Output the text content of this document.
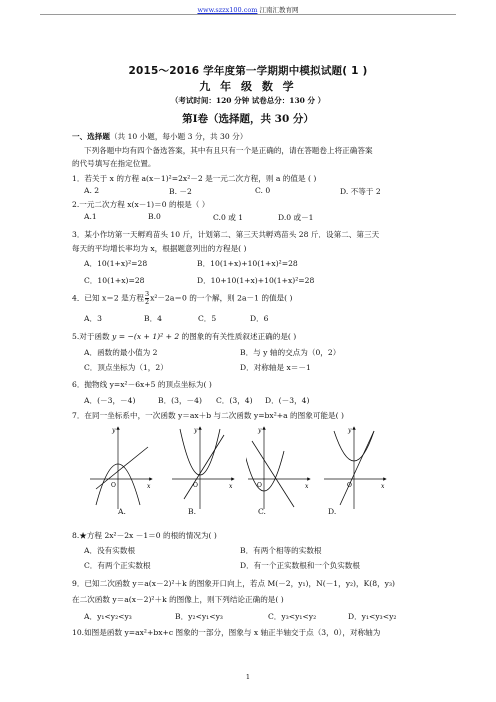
www.szzx100.com 江南汇教育网
2015～2016 学年度第一学期期中模拟试题( 1 )
九 年 级 数 学
（考试时间：120 分钟 试卷总分：130 分 ）
第Ⅰ卷（选择题，共 30 分）
一、选择题（共 10 小题，每小题 3 分，共 30 分）
下列各题中均有四个备选答案，其中有且只有一个是正确的，请在答题卷上将正确答案
的代号填写在指定位置。
1．若关于 x 的方程 a(x－1)²=2x²－2 是一元二次方程，则 a 的值是 ( )
A. 2	B. －2	C. 0	D. 不等于 2
2.一元二次方程 x(x－1)＝0 的根是（ ）
A.1	B.0	C.0 或 1	D.0 或－1
3．某小作坊第一天孵鸡苗头 10 斤，计划第二、第三天共孵鸡苗头 28 斤．设第二、第三天
每天的平均增长率均为 x，根据题意列出的方程是( )
A．10(1+x)²=28	B．10(1+x)+10(1+x)²=28
C．10(1+x)=28	D．10+10(1+x)+10(1+x)²=28
4．已知 x＝2 是方程 $\frac{3}{2} x^2-2a=0$ 的一个解，则 2a－1 的值是( )
A．3	B．4	C．5	D．6
5.对于函数 y = −(x + 1)² + 2 的图象的有关性质叙述正确的是( )
A．函数的最小值为 2	B．与 y 轴的交点为（0，2）
C．顶点坐标为（1，2）	D．对称轴是 x＝－1
6．抛物线 y=x²－6x+5 的顶点坐标为( )
A．(－3，－4)	B．(3，－4) C．(3，4) D．(－3，4)
7．在同一坐标系中，一次函数 y＝ax＋b 与二次函数 y=bx²+a 的图象可能是( )
y
x
O
y
x
O
y
x
O
y
x
O
A.	B.	C.	D.
8.★方程 2x²－2x －1＝0 的根的情况为( )
A．没有实数根	B．有两个相等的实数根
C．有两个正实数根	D．有一个正实数根和一个负实数根
9．已知二次函数 y＝a(x－2)²＋k 的图象开口向上，若点 M(－2，y₁)，N(－1，y₂)，K(8，y₃)
在二次函数 y＝a(x－2)²＋k 的图像上，则下列结论正确的是( )
A．y₁<y₂<y₃	B．y₂<y₁<y₃	C．y₃<y₁<y₂	D．y₁<y₃<y₂
10.如图是函数 y=ax²+bx+c 图象的一部分，图象与 x 轴正半轴交于点（3，0），对称轴为
1
